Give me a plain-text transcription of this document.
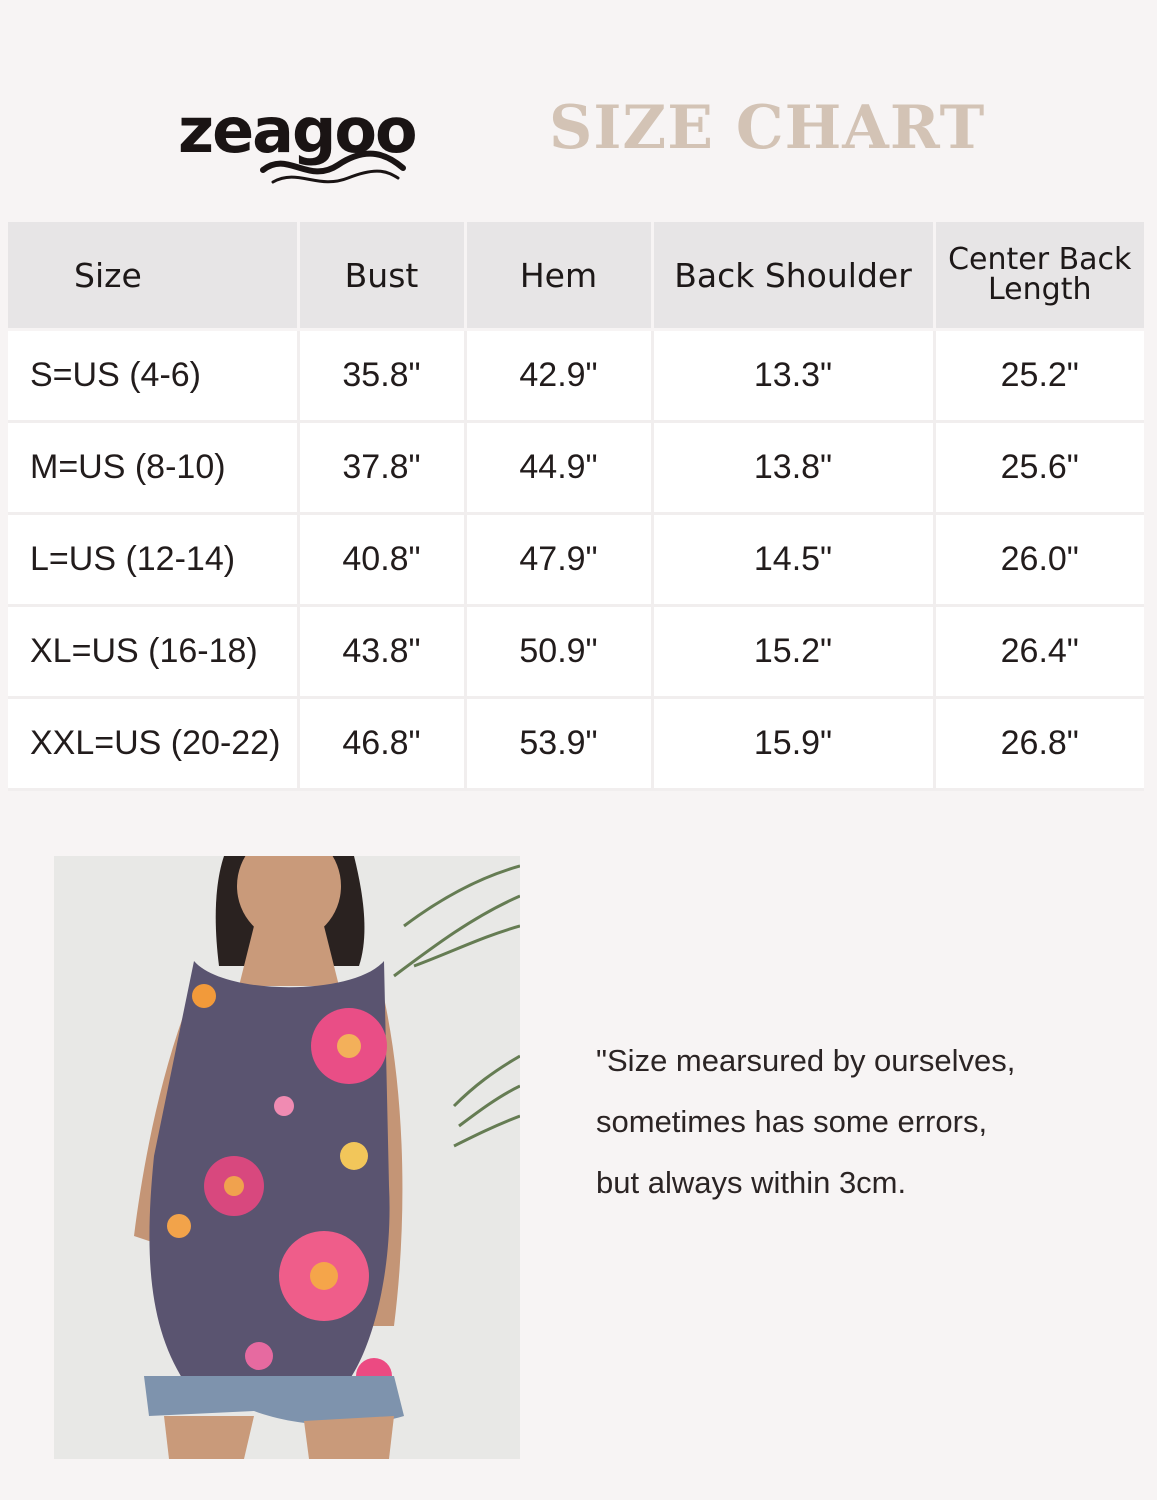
zeagoo SIZE CHART
Size	Bust	Hem	Back Shoulder	Center Back
Length

S=US (4-6)	35.8"	42.9"	13.3"	25.2"
M=US (8-10)	37.8"	44.9"	13.8"	25.6"
L=US (12-14)	40.8"	47.9"	14.5"	26.0"
XL=US (16-18)	43.8"	50.9"	15.2"	26.4"
XXL=US (20-22)	46.8"	53.9"	15.9"	26.8"
"Size mearsured by ourselves,
sometimes has some errors,
but always within 3cm.
